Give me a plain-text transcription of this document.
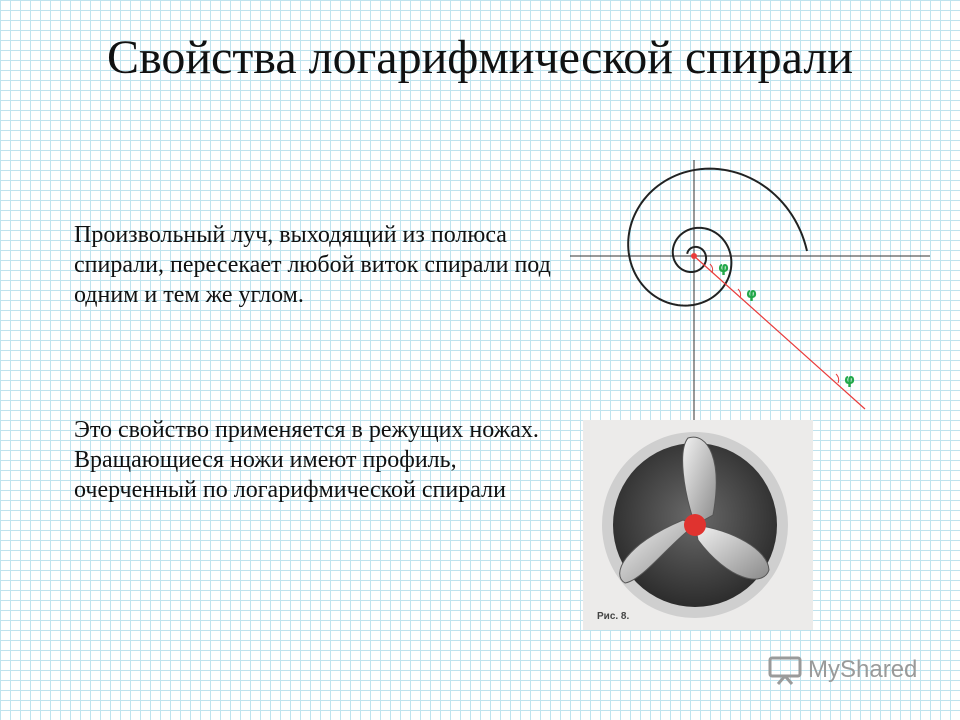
Свойства логарифмической спирали

Произвольный луч, выходящий из полюса спирали, пересекает любой виток спирали под одним и тем же углом.

Это свойство применяется в режущих ножах. Вращающиеся ножи имеют профиль, очерченный по логарифмической спирали

φ
φ
φ
Рис. 8.
MyShared
